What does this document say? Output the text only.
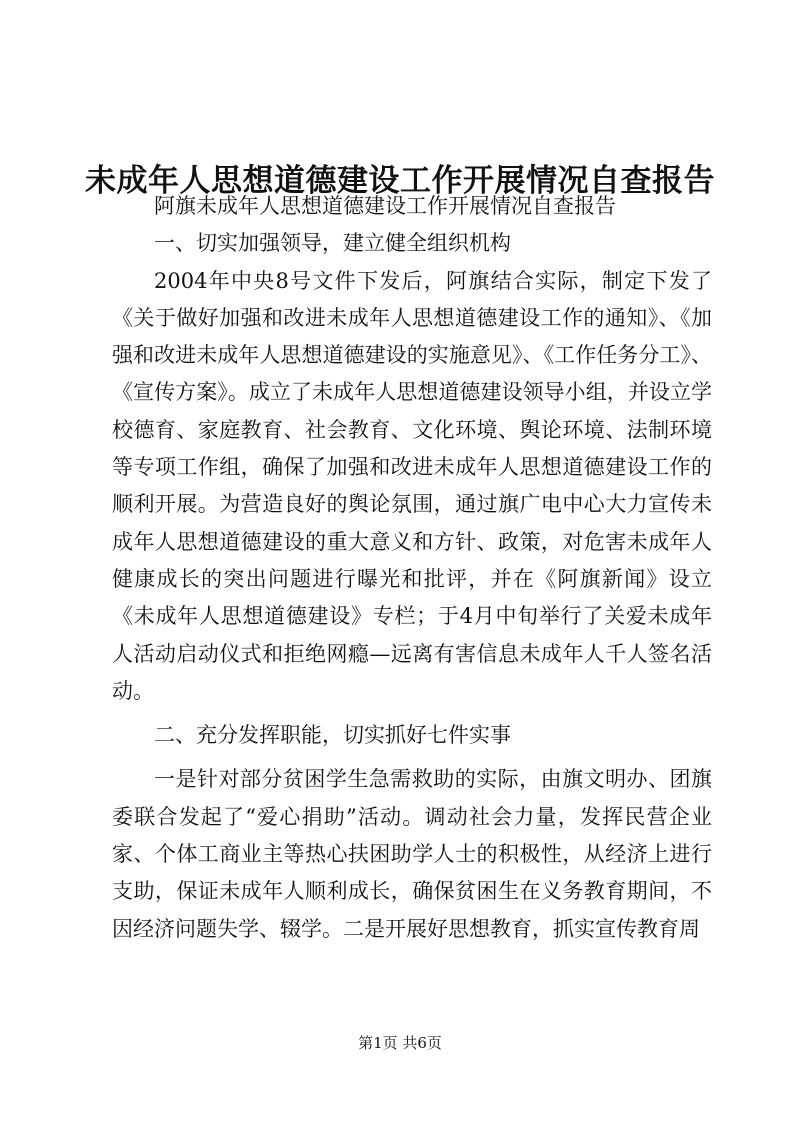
未成年人思想道德建设工作开展情况自查报告

阿旗未成年人思想道德建设工作开展情况自查报告

一、切实加强领导，建立健全组织机构

2004年中央8号文件下发后，阿旗结合实际，制定下发了《关于做好加强和改进未成年人思想道德建设工作的通知》、《加强和改进未成年人思想道德建设的实施意见》、《工作任务分工》、《宣传方案》。成立了未成年人思想道德建设领导小组，并设立学校德育、家庭教育、社会教育、文化环境、舆论环境、法制环境等专项工作组，确保了加强和改进未成年人思想道德建设工作的顺利开展。为营造良好的舆论氛围，通过旗广电中心大力宣传未成年人思想道德建设的重大意义和方针、政策，对危害未成年人健康成长的突出问题进行曝光和批评，并在《阿旗新闻》设立《未成年人思想道德建设》专栏；于4月中旬举行了关爱未成年人活动启动仪式和拒绝网瘾—远离有害信息未成年人千人签名活动。

二、充分发挥职能，切实抓好七件实事

一是针对部分贫困学生急需救助的实际，由旗文明办、团旗委联合发起了“爱心捐助”活动。调动社会力量，发挥民营企业家、个体工商业主等热心扶困助学人士的积极性，从经济上进行支助，保证未成年人顺利成长，确保贫困生在义务教育期间，不因经济问题失学、辍学。二是开展好思想教育，抓实宣传教育周

第1页 共6页
